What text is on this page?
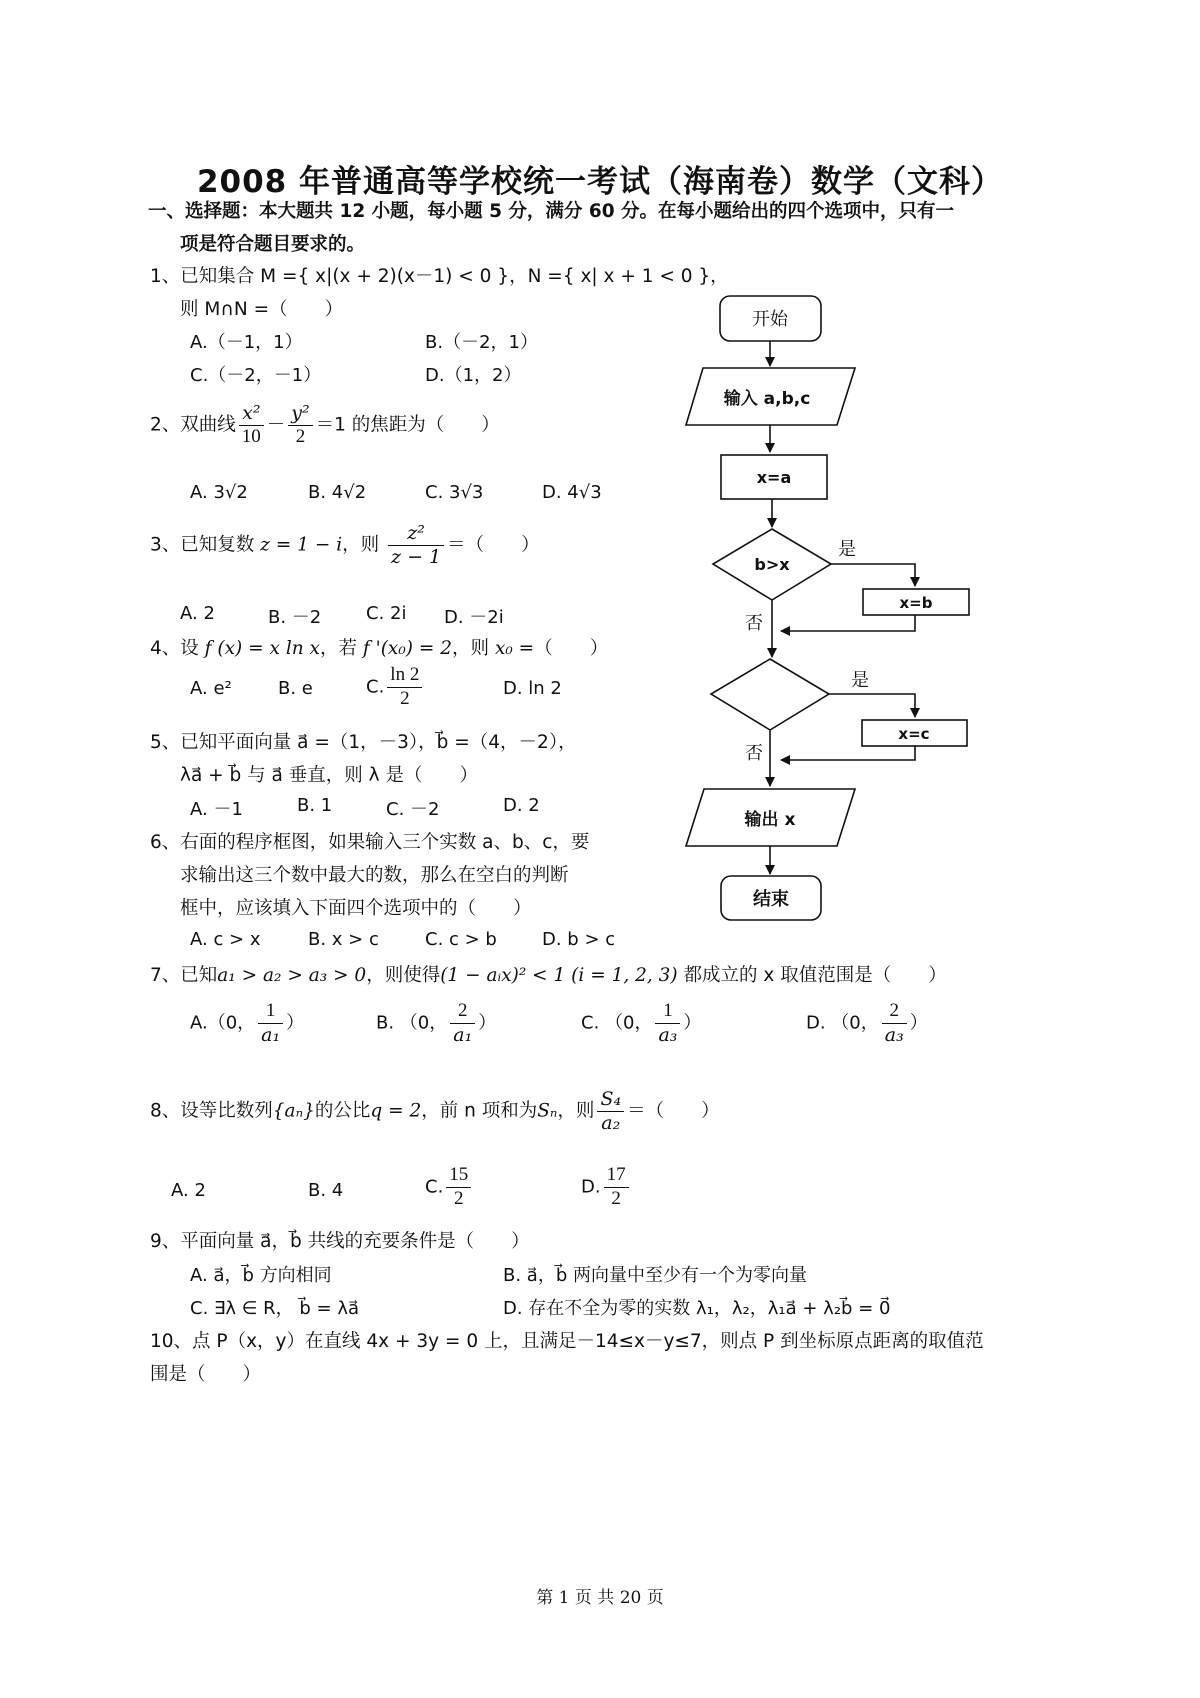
2008 年普通高等学校统一考试（海南卷）数学（文科）
一、选择题：本大题共 12 小题，每小题 5 分，满分 60 分。在每小题给出的四个选项中，只有一
项是符合题目要求的。
1、已知集合 M ={ x|(x + 2)(x－1) < 0 }，N ={ x| x + 1 < 0 }，
则 M∩N =（　　）
A.（－1，1）	B.（－2，1）
C.（－2，－1）	D.（1，2）
2、双曲线 $\frac{\text{x²}}{10} - \frac{\text{y²}}{2} =1$ 的焦距为（　　）
A. 3√2	B. 4√2	C. 3√3	D. 4√3
3、已知复数 z = 1 − i，则 $\frac{\text{z²}}{z - 1}$ ＝（　　）
A. 2	B. －2 C. 2i D. －2i
4、设 f (x) = x ln x，若 f '(x₀) = 2，则 x₀ =（　　）
A. e²	B. e	C. $\frac{\ln 2}{2}$	D. ln 2
5、已知平面向量 a⃗ =（1，－3），b⃗ =（4，－2），
λa⃗ + b⃗ 与 a⃗ 垂直，则 λ 是（　　）
A. －1	B. 1	C. －2	D. 2
6、右面的程序框图，如果输入三个实数 a、b、c，要
求输出这三个数中最大的数，那么在空白的判断
框中，应该填入下面四个选项中的（　　）
A. c > x	B. x > c	C. c > b	D. b > c
7、已知a₁ > a₂ > a₃ > 0，则使得(1 − aᵢx)² < 1 (i = 1, 2, 3) 都成立的 x 取值范围是（　　）
A.（0， $\frac{1}{\text{a₁}}$ ）	B. （0， $\frac{2}{\text{a₁}}$ ）	C. （0， $\frac{1}{\text{a₃}}$ ）	D. （0， $\frac{2}{\text{a₃}}$ ）
8、设等比数列{aₙ}的公比q = 2，前 n 项和为Sₙ，则 $\frac{\text{S₄}}{\text{a₂}}$ ＝（　　）
A. 2	B. 4	C. $\frac{15}{2}$	D. $\frac{17}{2}$
9、平面向量 a⃗，b⃗ 共线的充要条件是（　　）
A. a⃗，b⃗ 方向相同	B. a⃗，b⃗ 两向量中至少有一个为零向量
C. ∃λ ∈ R， b⃗ = λa⃗	D. 存在不全为零的实数 λ₁，λ₂，λ₁a⃗ + λ₂b⃗ = 0⃗
10、点 P（x，y）在直线 4x + 3y = 0 上，且满足－14≤x－y≤7，则点 P 到坐标原点距离的取值范
围是（　　）
开始
输入 a,b,c
x=a
b>x
是
x=b
否
是
x=c
否
输出 x
结束
第 1 页 共 20 页
